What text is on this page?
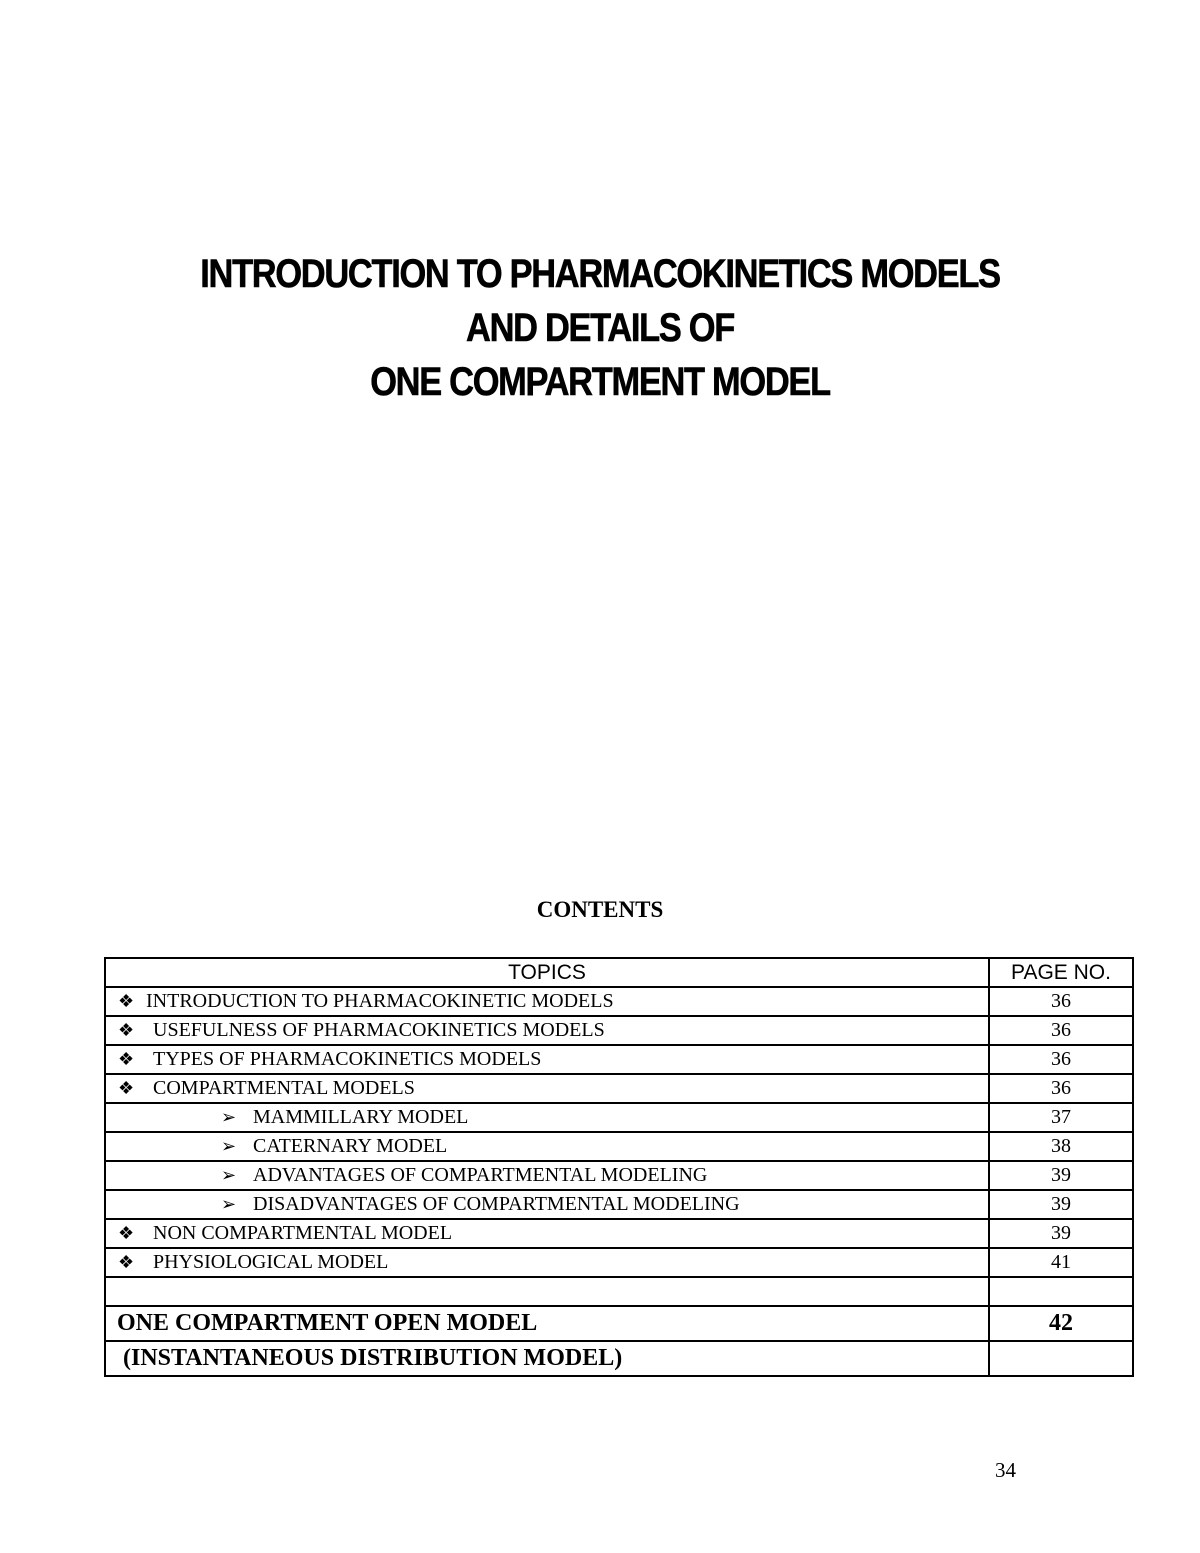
INTRODUCTION TO PHARMACOKINETICS MODELS
AND DETAILS OF
ONE COMPARTMENT MODEL
CONTENTS
TOPICS	PAGE NO.
❖ INTRODUCTION TO PHARMACOKINETIC MODELS	36
❖ USEFULNESS OF PHARMACOKINETICS MODELS	36
❖ TYPES OF PHARMACOKINETICS MODELS	36
❖ COMPARTMENTAL MODELS	36
➢ MAMMILLARY MODEL	37
➢ CATERNARY MODEL	38
➢ ADVANTAGES OF COMPARTMENTAL MODELING	39
➢ DISADVANTAGES OF COMPARTMENTAL MODELING	39
❖ NON COMPARTMENTAL MODEL	39
❖ PHYSIOLOGICAL MODEL	41

ONE COMPARTMENT OPEN MODEL	42
(INSTANTANEOUS DISTRIBUTION MODEL)	
34
